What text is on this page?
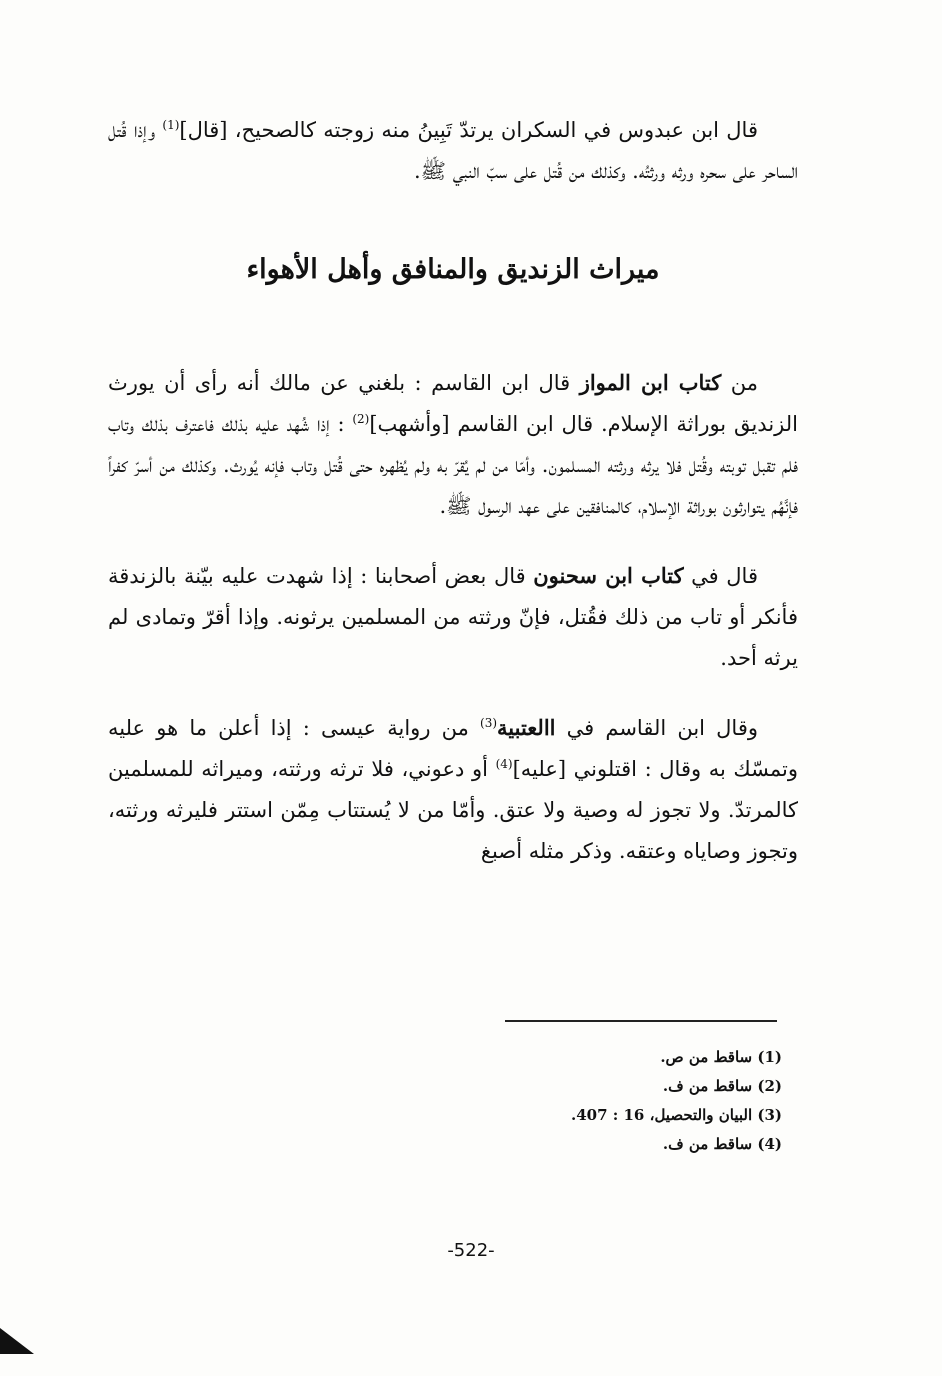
قال ابن عبدوس في السكران يرتدّ تَبِينُ منه زوجته كالصحيح، [قال]$^{(1)}$ وإذا قُتل الساحر على سحره ورثه ورثتُه. وكذلك من قُتل على سبّ النبي ﷺ.

ميراث الزنديق والمنافق وأهل الأهواء

من كتاب ابن المواز قال ابن القاسم : بلغني عن مالك أنه رأى أن يورث الزنديق بوراثة الإسلام. قال ابن القاسم [وأشهب]$^{(2)}$ : إذا شُهد عليه بذلك فاعترف بذلك وتاب فلم تقبل توبته وقُتل فلا يرثه ورثته المسلمون. وأمّا من لم يُقرّ به ولم يُظهره حتى قُتل وتاب فإنه يُورث. وكذلك من أسرّ كفراً فإنَّهُم يتوارثون بوراثة الإسلام، كالمنافقين على عهد الرسول ﷺ.

قال في كتاب ابن سحنون قال بعض أصحابنا : إذا شهدت عليه بيّنة بالزندقة فأنكر أو تاب من ذلك فقُتل، فإنّ ورثته من المسلمين يرثونه. وإذا أقرّ وتمادى لم يرثه أحد.

وقال ابن القاسم في االعتبية$^{(3)}$ من رواية عيسى : إذا أعلن ما هو عليه وتمسّك به وقال : اقتلوني [عليه]$^{(4)}$ أو دعوني، فلا ترثه ورثته، وميراثه للمسلمين كالمرتدّ. ولا تجوز له وصية ولا عتق. وأمّا من لا يُستتاب مِمّن استتر فليرثه ورثته، وتجوز وصاياه وعتقه. وذكر مثله أصبغ

(1) ساقط من ص.
(2) ساقط من ف.
(3) البيان والتحصيل، 16 : 407.
(4) ساقط من ف.
-522-
